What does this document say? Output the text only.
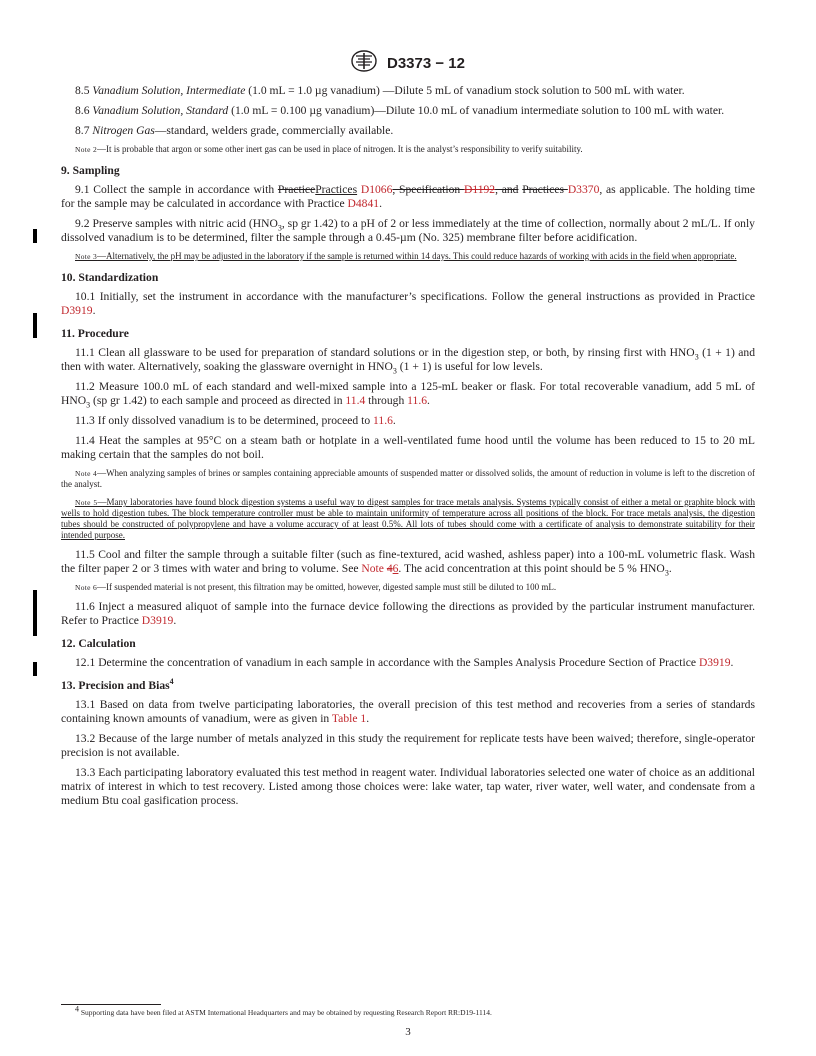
D3373 − 12

8.5 Vanadium Solution, Intermediate (1.0 mL = 1.0 µg vanadium) —Dilute 5 mL of vanadium stock solution to 500 mL with water.

8.6 Vanadium Solution, Standard (1.0 mL = 0.100 µg vanadium)—Dilute 10.0 mL of vanadium intermediate solution to 100 mL with water.

8.7 Nitrogen Gas—standard, welders grade, commercially available.

Note 2—It is probable that argon or some other inert gas can be used in place of nitrogen. It is the analyst’s responsibility to verify suitability.

9. Sampling

9.1 Collect the sample in accordance with PracticePractices D1066, Specification D1192, and Practices D3370, as applicable. The holding time for the sample may be calculated in accordance with Practice D4841.

9.2 Preserve samples with nitric acid ($HNO_3$, sp gr 1.42) to a pH of 2 or less immediately at the time of collection, normally about 2 mL/L. If only dissolved vanadium is to be determined, filter the sample through a 0.45-µm (No. 325) membrane filter before acidification.

Note 3—Alternatively, the pH may be adjusted in the laboratory if the sample is returned within 14 days. This could reduce hazards of working with acids in the field when appropriate.

10. Standardization

10.1 Initially, set the instrument in accordance with the manufacturer’s specifications. Follow the general instructions as provided in Practice D3919.

11. Procedure

11.1 Clean all glassware to be used for preparation of standard solutions or in the digestion step, or both, by rinsing first with $HNO_3$ (1 + 1) and then with water. Alternatively, soaking the glassware overnight in $HNO_3$ (1 + 1) is useful for low levels.

11.2 Measure 100.0 mL of each standard and well-mixed sample into a 125-mL beaker or flask. For total recoverable vanadium, add 5 mL of $HNO_3$ (sp gr 1.42) to each sample and proceed as directed in 11.4 through 11.6.

11.3 If only dissolved vanadium is to be determined, proceed to 11.6.

11.4 Heat the samples at 95°C on a steam bath or hotplate in a well-ventilated fume hood until the volume has been reduced to 15 to 20 mL making certain that the samples do not boil.

Note 4—When analyzing samples of brines or samples containing appreciable amounts of suspended matter or dissolved solids, the amount of reduction in volume is left to the discretion of the analyst.

Note 5—Many laboratories have found block digestion systems a useful way to digest samples for trace metals analysis. Systems typically consist of either a metal or graphite block with wells to hold digestion tubes. The block temperature controller must be able to maintain uniformity of temperature across all positions of the block. For trace metals analysis, the digestion tubes should be constructed of polypropylene and have a volume accuracy of at least 0.5%. All lots of tubes should come with a certificate of analysis to demonstrate suitability for their intended purpose.

11.5 Cool and filter the sample through a suitable filter (such as fine-textured, acid washed, ashless paper) into a 100-mL volumetric flask. Wash the filter paper 2 or 3 times with water and bring to volume. See Note 46. The acid concentration at this point should be 5 % $HNO_3$.

Note 6—If suspended material is not present, this filtration may be omitted, however, digested sample must still be diluted to 100 mL.

11.6 Inject a measured aliquot of sample into the furnace device following the directions as provided by the particular instrument manufacturer. Refer to Practice D3919.

12. Calculation

12.1 Determine the concentration of vanadium in each sample in accordance with the Samples Analysis Procedure Section of Practice D3919.

13. Precision and Bias$^4$

13.1 Based on data from twelve participating laboratories, the overall precision of this test method and recoveries from a series of standards containing known amounts of vanadium, were as given in Table 1.

13.2 Because of the large number of metals analyzed in this study the requirement for replicate tests have been waived; therefore, single-operator precision is not available.

13.3 Each participating laboratory evaluated this test method in reagent water. Individual laboratories selected one water of choice as an additional matrix of interest in which to test recovery. Listed among those choices were: lake water, tap water, river water, well water, and condensate from a medium Btu coal gasification process.

$^4$ Supporting data have been filed at ASTM International Headquarters and may be obtained by requesting Research Report RR:D19-1114.

3
